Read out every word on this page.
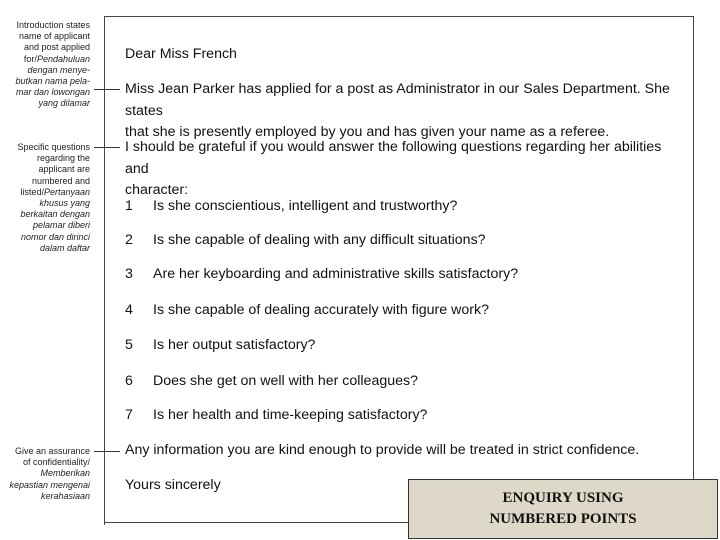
Introduction states
name of applicant
and post applied
for/Pendahuluan
dengan menye-
butkan nama pela-
mar dan lowongan
yang dilamar
Specific questions
regarding the
applicant are
numbered and
listed/Pertanyaan
khusus yang
berkaitan dengan
pelamar diberi
nomor dan dirinci
dalam daftar
Give an assurance
of confidentiality/
Memberikan
kepastian mengenai
kerahasiaan
Dear Miss French
Miss Jean Parker has applied for a post as Administrator in our Sales Department. She states
that she is presently employed by you and has given your name as a referee.
I should be grateful if you would answer the following questions regarding her abilities and
character:
1 Is she conscientious, intelligent and trustworthy?
2 Is she capable of dealing with any difficult situations?
3 Are her keyboarding and administrative skills satisfactory?
4 Is she capable of dealing accurately with figure work?
5 Is her output satisfactory?
6 Does she get on well with her colleagues?
7 Is her health and time-keeping satisfactory?
Any information you are kind enough to provide will be treated in strict confidence.
Yours sincerely
ENQUIRY USING
NUMBERED POINTS
